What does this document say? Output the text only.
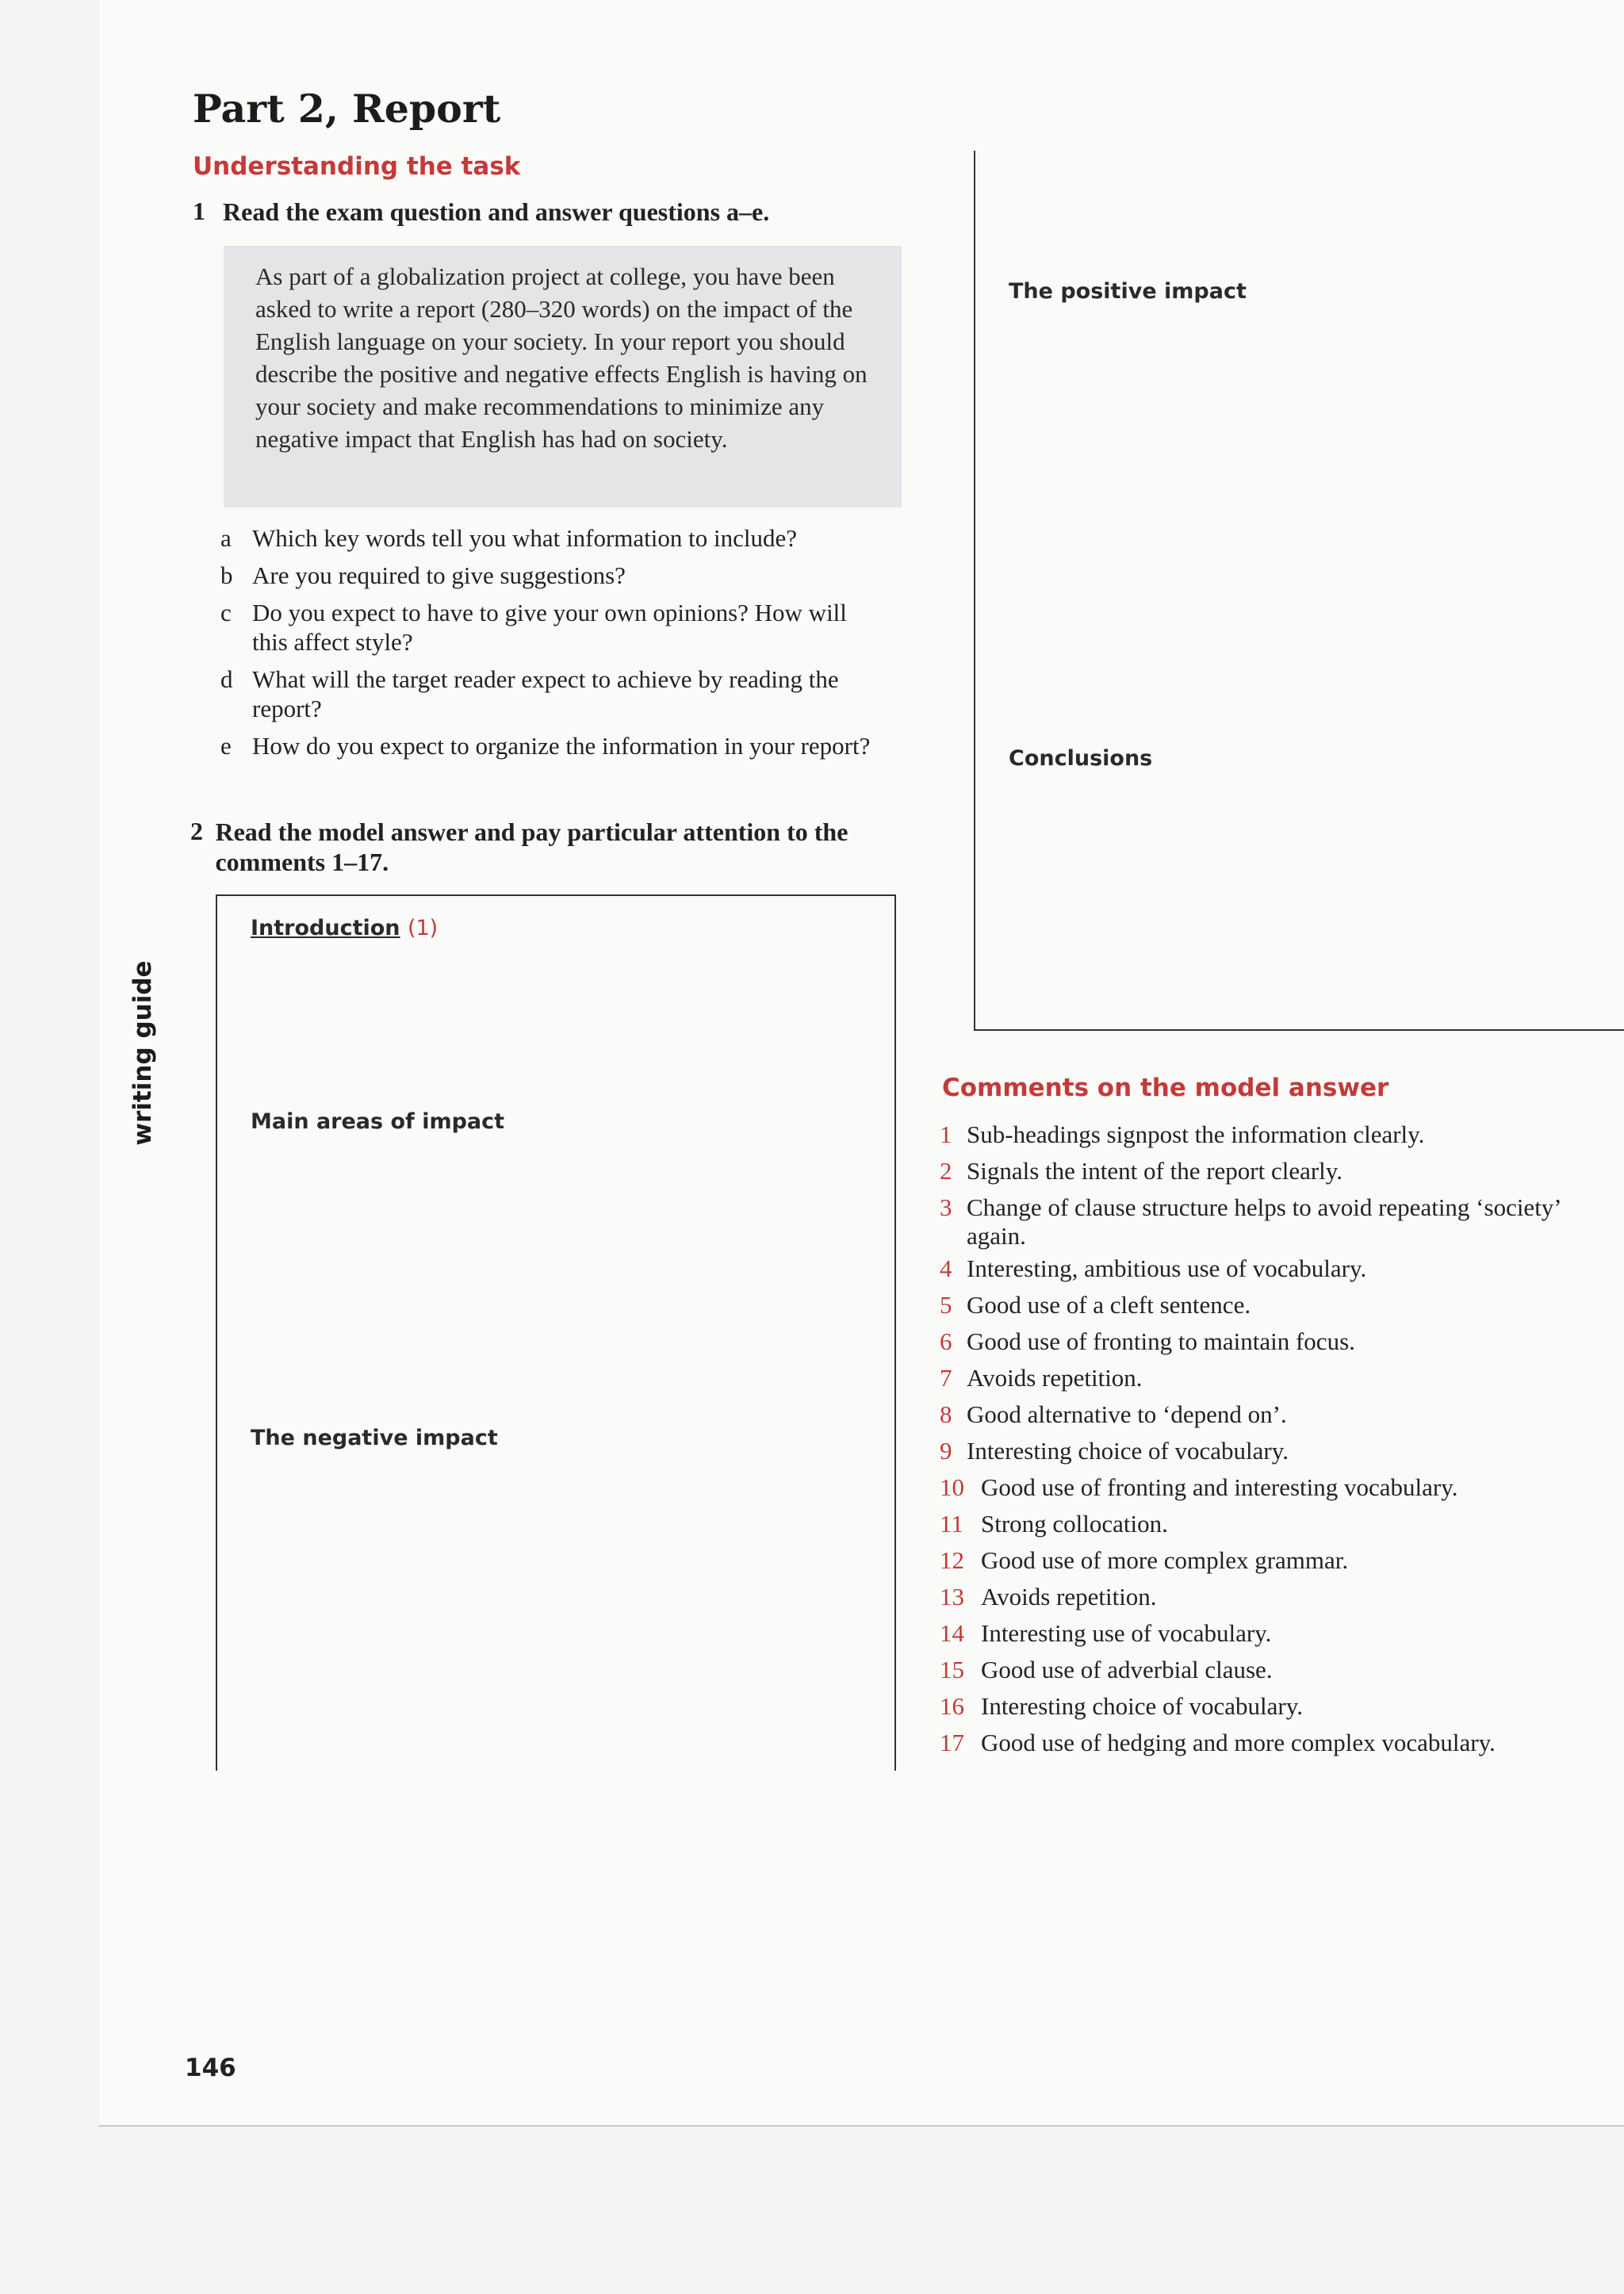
Part 2, Report
Understanding the task
1 Read the exam question and answer questions a–e.
As part of a globalization project at college, you have been asked to write a report (280–320 words) on the impact of the English language on your society. In your report you should describe the positive and negative effects English is having on your society and make recommendations to minimize any negative impact that English has had on society.
a Which key words tell you what information to include?
b Are you required to give suggestions?
c Do you expect to have to give your own opinions? How will this affect style?
d What will the target reader expect to achieve by reading the report?
e How do you expect to organize the information in your report?
2 Read the model answer and pay particular attention to the comments 1–17.
Introduction (1)
Main areas of impact
The negative impact
The positive impact
Conclusions
Comments on the model answer
1 Sub-headings signpost the information clearly.
2 Signals the intent of the report clearly.
3 Change of clause structure helps to avoid repeating ‘society’ again.
4 Interesting, ambitious use of vocabulary.
5 Good use of a cleft sentence.
6 Good use of fronting to maintain focus.
7 Avoids repetition.
8 Good alternative to ‘depend on’.
9 Interesting choice of vocabulary.
10 Good use of fronting and interesting vocabulary.
11 Strong collocation.
12 Good use of more complex grammar.
13 Avoids repetition.
14 Interesting use of vocabulary.
15 Good use of adverbial clause.
16 Interesting choice of vocabulary.
17 Good use of hedging and more complex vocabulary.
writing guide
146
